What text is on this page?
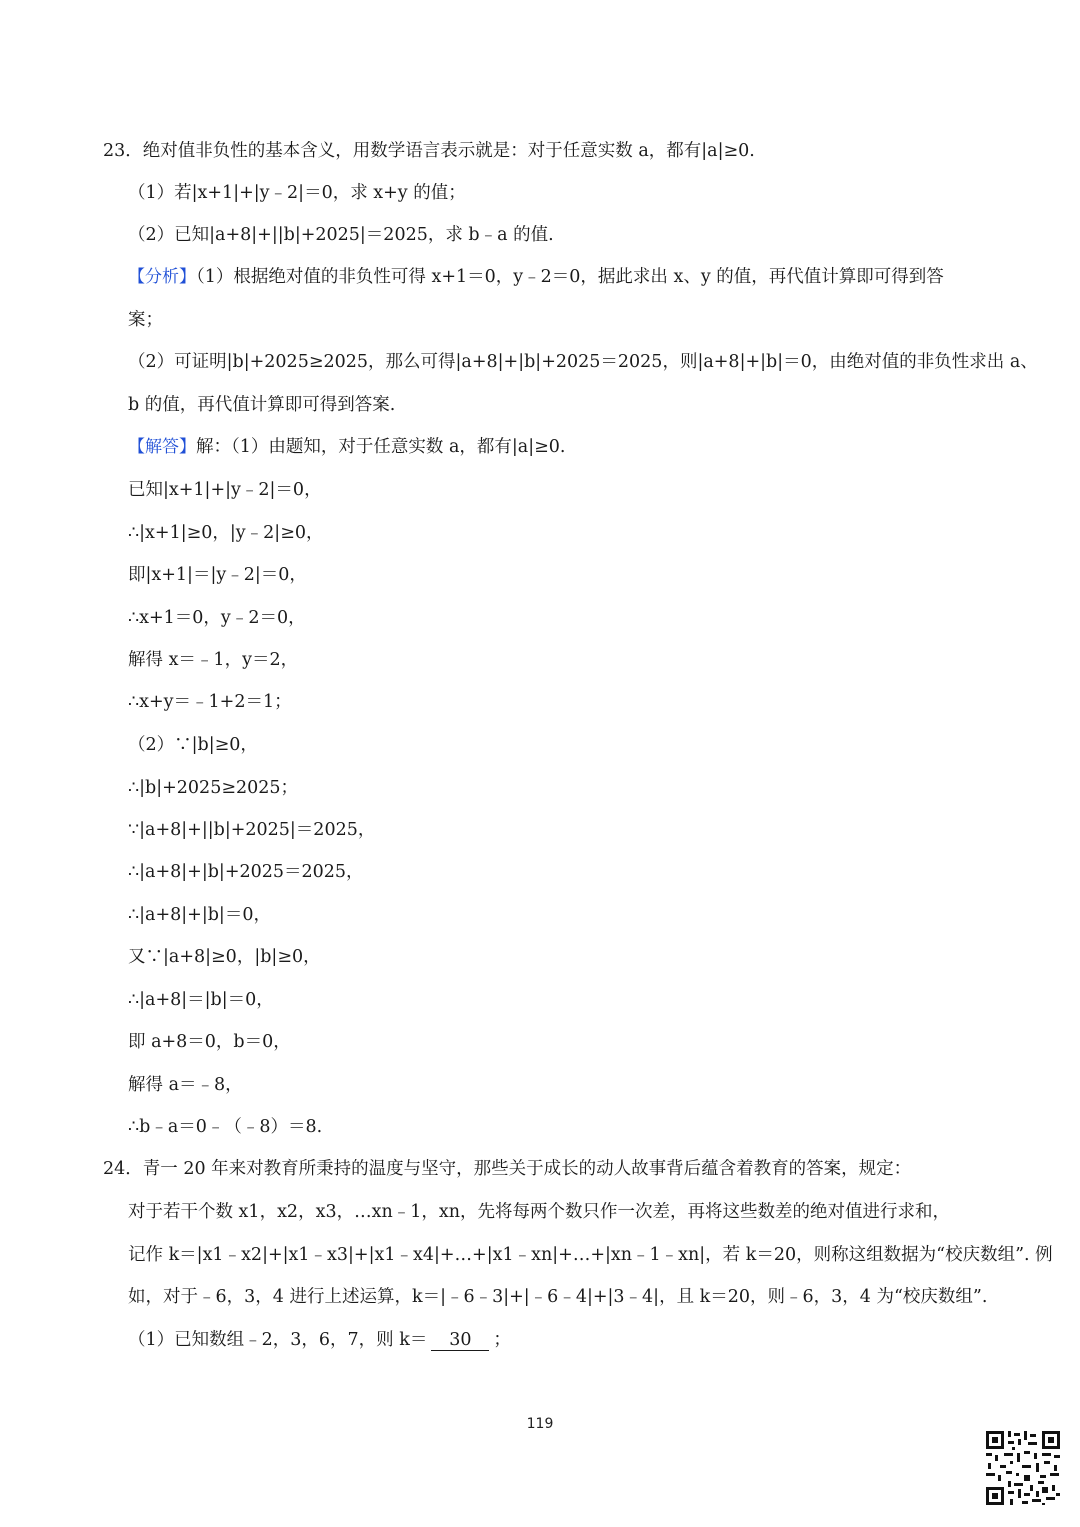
23．绝对值非负性的基本含义，用数学语言表示就是：对于任意实数 a，都有|a|≥0.
（1）若|x+1|+|y﹣2|＝0，求 x+y 的值；
（2）已知|a+8|+||b|+2025|＝2025，求 b﹣a 的值.
【分析】（1）根据绝对值的非负性可得 x+1＝0，y﹣2＝0，据此求出 x、y 的值，再代值计算即可得到答
案；
（2）可证明|b|+2025≥2025，那么可得|a+8|+|b|+2025＝2025，则|a+8|+|b|＝0，由绝对值的非负性求出 a、
b 的值，再代值计算即可得到答案.
【解答】解：（1）由题知，对于任意实数 a，都有|a|≥0.
已知|x+1|+|y﹣2|＝0，
∴|x+1|≥0，|y﹣2|≥0，
即|x+1|＝|y﹣2|＝0，
∴x+1＝0，y﹣2＝0，
解得 x＝﹣1，y＝2，
∴x+y＝﹣1+2＝1；
（2）∵|b|≥0，
∴|b|+2025≥2025；
∵|a+8|+||b|+2025|＝2025，
∴|a+8|+|b|+2025＝2025，
∴|a+8|+|b|＝0，
又∵|a+8|≥0，|b|≥0，
∴|a+8|＝|b|＝0，
即 a+8＝0，b＝0，
解得 a＝﹣8，
∴b﹣a＝0﹣（﹣8）＝8.
24．青一 20 年来对教育所秉持的温度与坚守，那些关于成长的动人故事背后蕴含着教育的答案，规定：
对于若干个数 x1，x2，x3，…xn﹣1，xn，先将每两个数只作一次差，再将这些数差的绝对值进行求和，
记作 k＝|x1﹣x2|+|x1﹣x3|+|x1﹣x4|+…+|x1﹣xn|+…+|xn﹣1﹣xn|，若 k＝20，则称这组数据为“校庆数组”. 例
如，对于﹣6，3，4 进行上述运算，k＝|﹣6﹣3|+|﹣6﹣4|+|3﹣4|，且 k＝20，则﹣6，3，4 为“校庆数组”.
（1）已知数组﹣2，3，6，7，则 k＝ 30 ；
119
